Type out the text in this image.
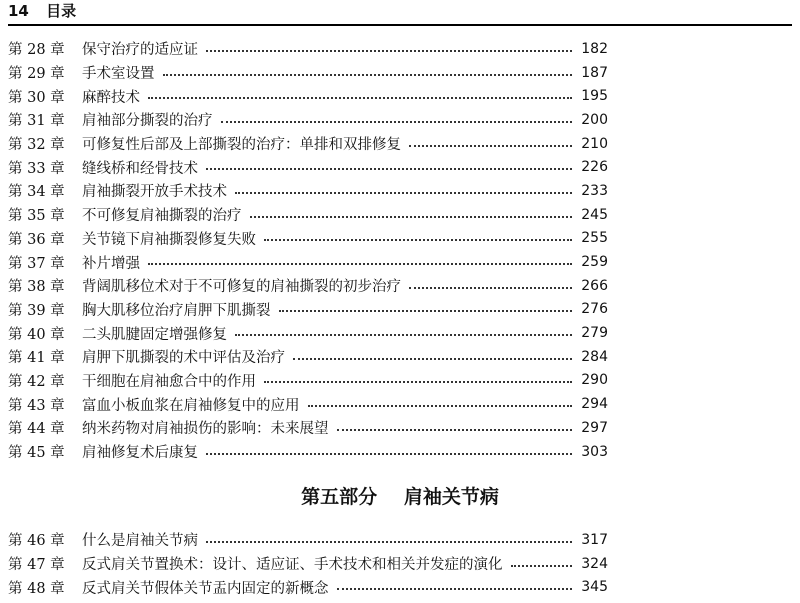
14 目录
第 28 章	保守治疗的适应证	182
第 29 章	手术室设置	187
第 30 章	麻醉技术	195
第 31 章	肩袖部分撕裂的治疗	200
第 32 章	可修复性后部及上部撕裂的治疗：单排和双排修复	210
第 33 章	缝线桥和经骨技术	226
第 34 章	肩袖撕裂开放手术技术	233
第 35 章	不可修复肩袖撕裂的治疗	245
第 36 章	关节镜下肩袖撕裂修复失败	255
第 37 章	补片增强	259
第 38 章	背阔肌移位术对于不可修复的肩袖撕裂的初步治疗	266
第 39 章	胸大肌移位治疗肩胛下肌撕裂	276
第 40 章	二头肌腱固定增强修复	279
第 41 章	肩胛下肌撕裂的术中评估及治疗	284
第 42 章	干细胞在肩袖愈合中的作用	290
第 43 章	富血小板血浆在肩袖修复中的应用	294
第 44 章	纳米药物对肩袖损伤的影响：未来展望	297
第 45 章	肩袖修复术后康复	303
第五部分 肩袖关节病
第 46 章	什么是肩袖关节病	317
第 47 章	反式肩关节置换术：设计、适应证、手术技术和相关并发症的演化	324
第 48 章	反式肩关节假体关节盂内固定的新概念	345
